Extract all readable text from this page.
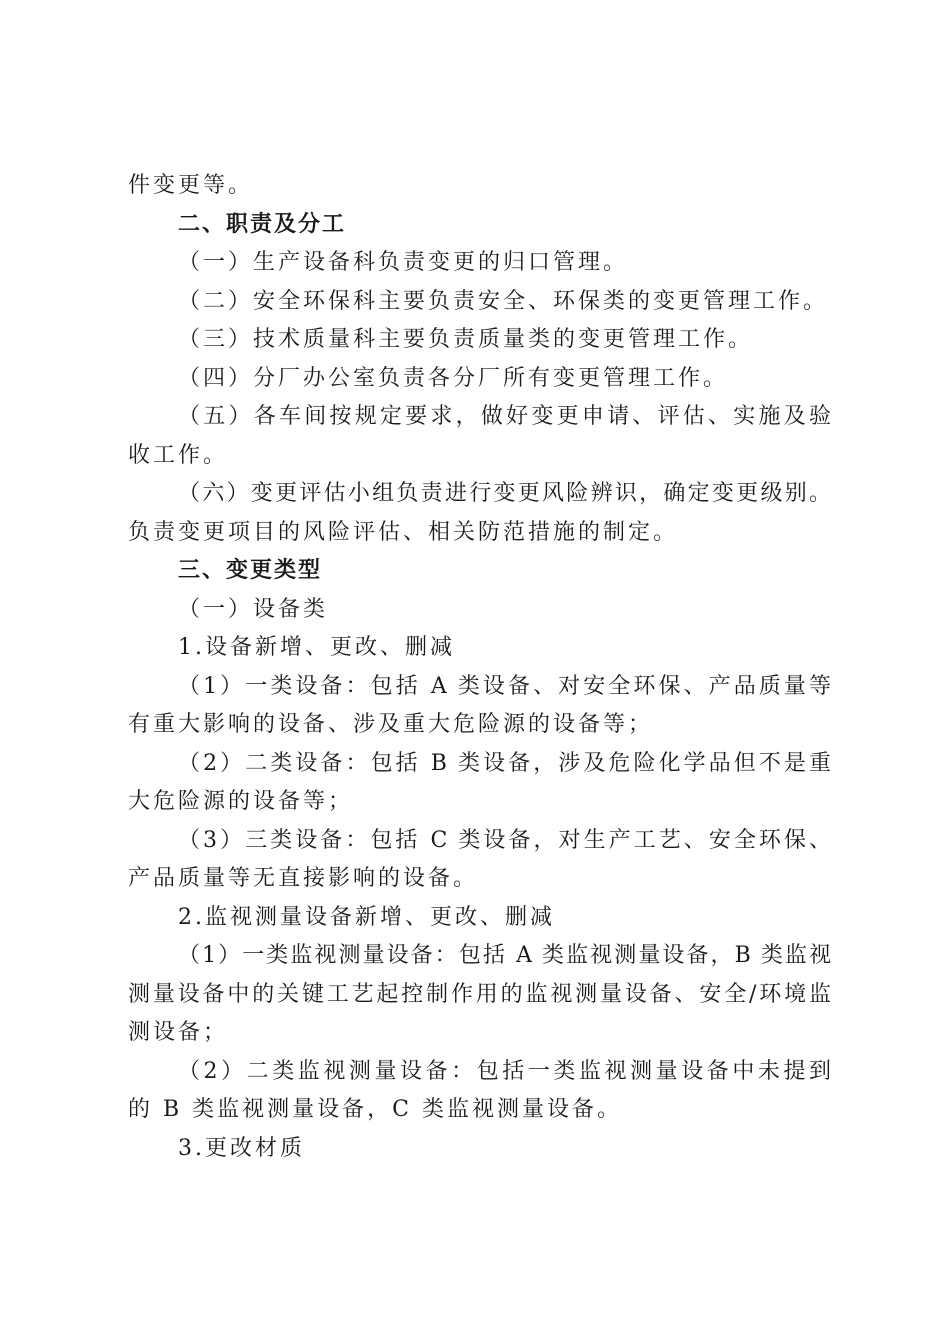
件变更等。

二、职责及分工

（一）生产设备科负责变更的归口管理。

（二）安全环保科主要负责安全、环保类的变更管理工作。

（三）技术质量科主要负责质量类的变更管理工作。

（四）分厂办公室负责各分厂所有变更管理工作。

（五）各车间按规定要求，做好变更申请、评估、实施及验

收工作。

（六）变更评估小组负责进行变更风险辨识，确定变更级别。

负责变更项目的风险评估、相关防范措施的制定。

三、变更类型

（一）设备类

1.设备新增、更改、删减

（1）一类设备：包括 A 类设备、对安全环保、产品质量等

有重大影响的设备、涉及重大危险源的设备等；

（2）二类设备：包括 B 类设备，涉及危险化学品但不是重

大危险源的设备等；

（3）三类设备：包括 C 类设备，对生产工艺、安全环保、

产品质量等无直接影响的设备。

2.监视测量设备新增、更改、删减

（1）一类监视测量设备：包括 A 类监视测量设备，B 类监视

测量设备中的关键工艺起控制作用的监视测量设备、安全/环境监

测设备；

（2）二类监视测量设备：包括一类监视测量设备中未提到

的 B 类监视测量设备，C 类监视测量设备。

3.更改材质
